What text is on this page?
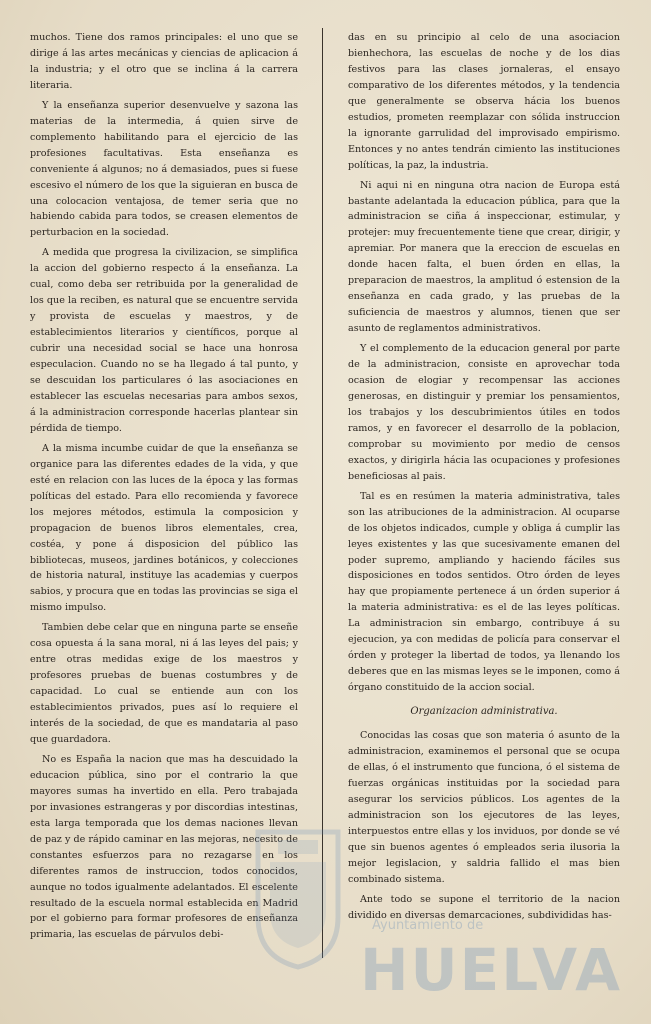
muchos. Tiene dos ramos principales: el uno que se dirige á las artes mecánicas y ciencias de aplicacion á la industria; y el otro que se inclina á la carrera literaria.

Y la enseñanza superior desenvuelve y sazona las materias de la intermedia, á quien sirve de complemento habilitando para el ejercicio de las profesiones facultativas. Esta enseñanza es conveniente á algunos; no á demasiados, pues si fuese escesivo el número de los que la siguieran en busca de una colocacion ventajosa, de temer seria que no habiendo cabida para todos, se creasen elementos de perturbacion en la sociedad.

A medida que progresa la civilizacion, se simplifica la accion del gobierno respecto á la enseñanza. La cual, como deba ser retribuida por la generalidad de los que la reciben, es natural que se encuentre servida y provista de escuelas y maestros, y de establecimientos literarios y científicos, porque al cubrir una necesidad social se hace una honrosa especulacion. Cuando no se ha llegado á tal punto, y se descuidan los particulares ó las asociaciones en establecer las escuelas necesarias para ambos sexos, á la administracion corresponde hacerlas plantear sin pérdida de tiempo.

A la misma incumbe cuidar de que la enseñanza se organice para las diferentes edades de la vida, y que esté en relacion con las luces de la época y las formas políticas del estado. Para ello recomienda y favorece los mejores métodos, estimula la composicion y propagacion de buenos libros elementales, crea, costéa, y pone á disposicion del público las bibliotecas, museos, jardines botánicos, y colecciones de historia natural, instituye las academias y cuerpos sabios, y procura que en todas las provincias se siga el mismo impulso.

Tambien debe celar que en ninguna parte se enseñe cosa opuesta á la sana moral, ni á las leyes del pais; y entre otras medidas exige de los maestros y profesores pruebas de buenas costumbres y de capacidad. Lo cual se entiende aun con los establecimientos privados, pues así lo requiere el interés de la sociedad, de que es mandataria al paso que guardadora.

No es España la nacion que mas ha descuidado la educacion pública, sino por el contrario la que mayores sumas ha invertido en ella. Pero trabajada por invasiones estrangeras y por discordias intestinas, esta larga temporada que los demas naciones llevan de paz y de rápido caminar en las mejoras, necesito de constantes esfuerzos para no rezagarse en los diferentes ramos de instruccion, todos conocidos, aunque no todos igualmente adelantados. El escelente resultado de la escuela normal establecida en Madrid por el gobierno para formar profesores de enseñanza primaria, las escuelas de párvulos debi-

das en su principio al celo de una asociacion bienhechora, las escuelas de noche y de los dias festivos para las clases jornaleras, el ensayo comparativo de los diferentes métodos, y la tendencia que generalmente se observa hácia los buenos estudios, prometen reemplazar con sólida instruccion la ignorante garrulidad del improvisado empirismo. Entonces y no antes tendrán cimiento las instituciones políticas, la paz, la industria.

Ni aqui ni en ninguna otra nacion de Europa está bastante adelantada la educacion pública, para que la administracion se ciña á inspeccionar, estimular, y protejer: muy frecuentemente tiene que crear, dirigir, y apremiar. Por manera que la ereccion de escuelas en donde hacen falta, el buen órden en ellas, la preparacion de maestros, la amplitud ó estension de la enseñanza en cada grado, y las pruebas de la suficiencia de maestros y alumnos, tienen que ser asunto de reglamentos administrativos.

Y el complemento de la educacion general por parte de la administracion, consiste en aprovechar toda ocasion de elogiar y recompensar las acciones generosas, en distinguir y premiar los pensamientos, los trabajos y los descubrimientos útiles en todos ramos, y en favorecer el desarrollo de la poblacion, comprobar su movimiento por medio de censos exactos, y dirigirla hácia las ocupaciones y profesiones beneficiosas al pais.

Tal es en resúmen la materia administrativa, tales son las atribuciones de la administracion. Al ocuparse de los objetos indicados, cumple y obliga á cumplir las leyes existentes y las que sucesivamente emanen del poder supremo, ampliando y haciendo fáciles sus disposiciones en todos sentidos. Otro órden de leyes hay que propiamente pertenece á un órden superior á la materia administrativa: es el de las leyes políticas. La administracion sin embargo, contribuye á su ejecucion, ya con medidas de policía para conservar el órden y proteger la libertad de todos, ya llenando los deberes que en las mismas leyes se le imponen, como á órgano constituido de la accion social.

Organizacion administrativa.

Conocidas las cosas que son materia ó asunto de la administracion, examinemos el personal que se ocupa de ellas, ó el instrumento que funciona, ó el sistema de fuerzas orgánicas instituidas por la sociedad para asegurar los servicios públicos. Los agentes de la administracion son los ejecutores de las leyes, interpuestos entre ellas y los inviduos, por donde se vé que sin buenos agentes ó empleados seria ilusoria la mejor legislacion, y saldria fallido el mas bien combinado sistema.

Ante todo se supone el territorio de la nacion dividido en diversas demarcaciones, subdivididas has-

Ayuntamiento de
HUELVA
